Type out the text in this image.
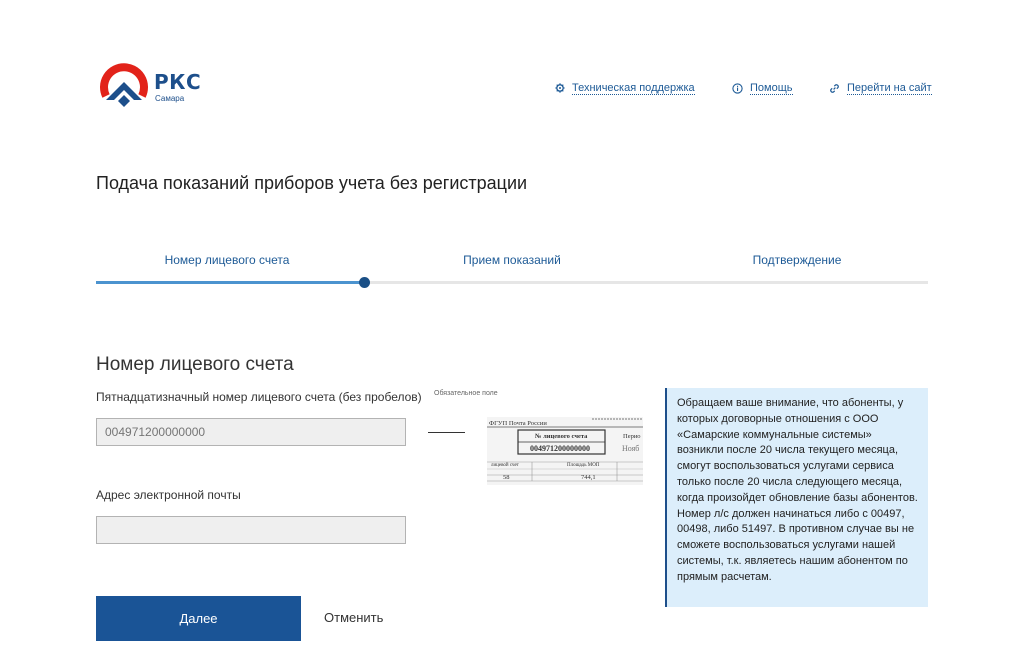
РКС
Самара
Техническая поддержка	Помощь	Перейти на сайт
Подача показаний приборов учета без регистрации
Номер лицевого счета	Прием показаний	Подтверждение
Номер лицевого счета
Пятнадцатизначный номер лицевого счета (без пробелов) Обязательное поле
004971200000000
ФГУП Почта России
№ лицевого счета	Перио
004971200000000	Нояб
лицевой счет	Площадь МОП
58	744,1
Адрес электронной почты

Обращаем ваше внимание, что абоненты, у которых договорные отношения с ООО «Самарские коммунальные системы» возникли после 20 числа текущего месяца, смогут воспользоваться услугами сервиса только после 20 числа следующего месяца, когда произойдет обновление базы абонентов.

Номер л/с должен начинаться либо с 00497, 00498, либо 51497. В противном случае вы не сможете воспользоваться услугами нашей системы, т.к. являетесь нашим абонентом по прямым расчетам.

Далее	Отменить
